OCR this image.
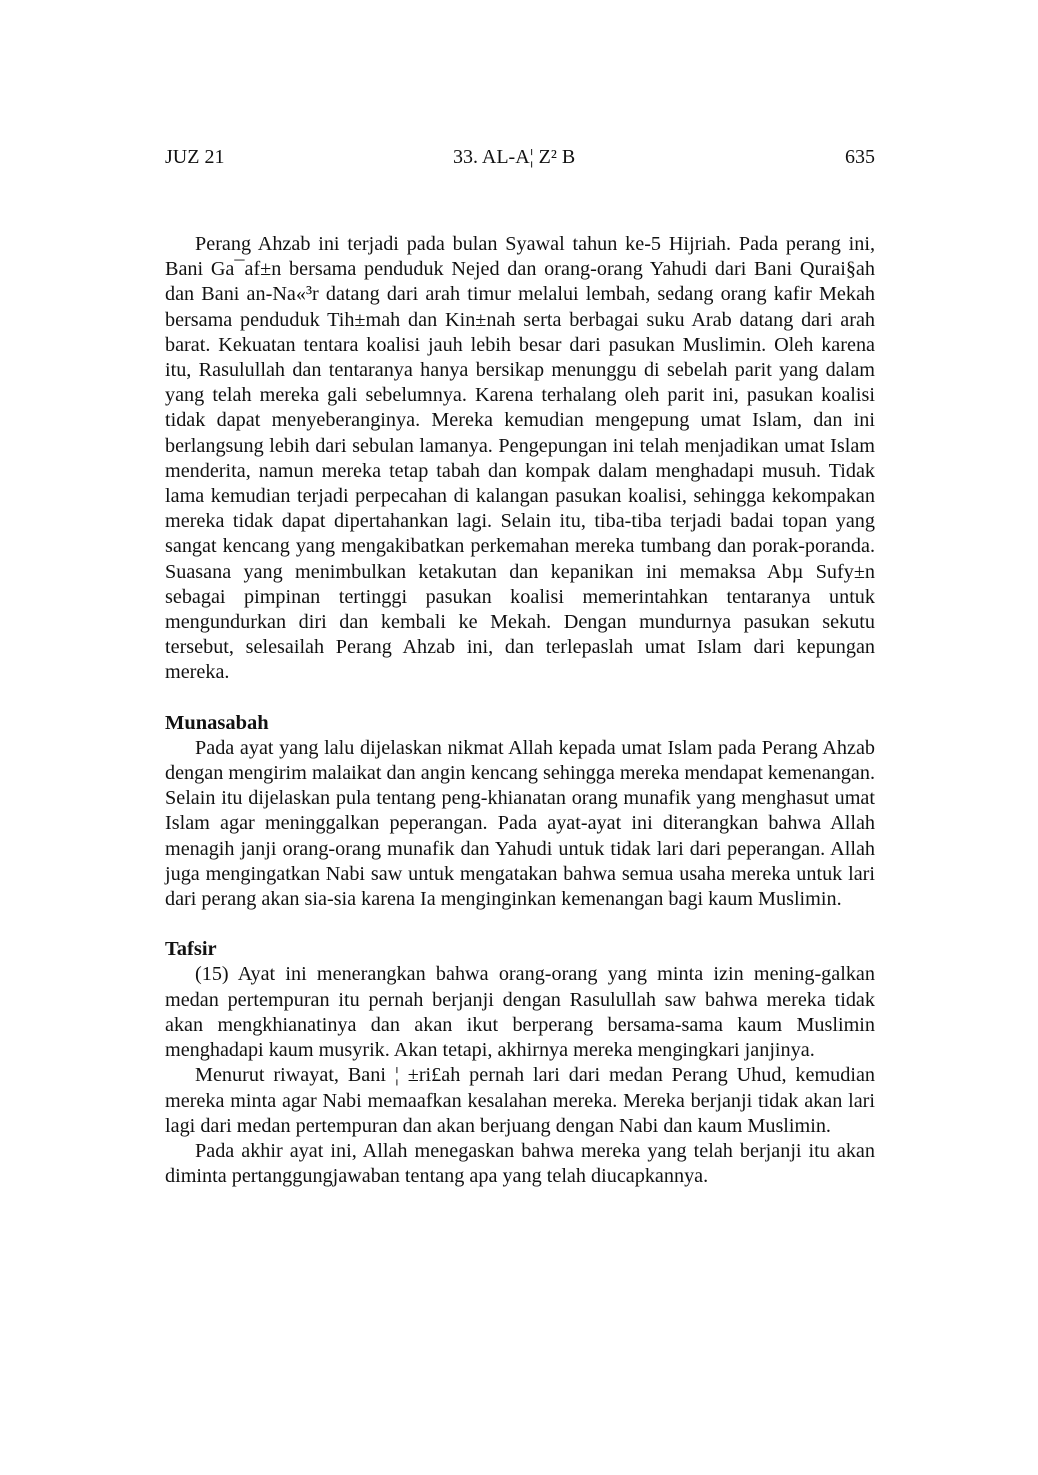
JUZ 21	33. AL-A¦ Z² B	635

Perang Ahzab ini terjadi pada bulan Syawal tahun ke-5 Hijriah. Pada perang ini, Bani Ga¯af±n bersama penduduk Nejed dan orang-orang Yahudi dari Bani Qurai§ah dan Bani an-Na«³r datang dari arah timur melalui lembah, sedang orang kafir Mekah bersama penduduk Tih±mah dan Kin±nah serta berbagai suku Arab datang dari arah barat. Kekuatan tentara koalisi jauh lebih besar dari pasukan Muslimin. Oleh karena itu, Rasulullah dan tentaranya hanya bersikap menunggu di sebelah parit yang dalam yang telah mereka gali sebelumnya. Karena terhalang oleh parit ini, pasukan koalisi tidak dapat menyeberanginya. Mereka kemudian mengepung umat Islam, dan ini berlangsung lebih dari sebulan lamanya. Pengepungan ini telah menjadikan umat Islam menderita, namun mereka tetap tabah dan kompak dalam menghadapi musuh. Tidak lama kemudian terjadi perpecahan di kalangan pasukan koalisi, sehingga kekompakan mereka tidak dapat dipertahankan lagi. Selain itu, tiba-tiba terjadi badai topan yang sangat kencang yang mengakibatkan perkemahan mereka tumbang dan porak-poranda. Suasana yang menimbulkan ketakutan dan kepanikan ini memaksa Abµ Sufy±n sebagai pimpinan tertinggi pasukan koalisi memerintahkan tentaranya untuk mengundurkan diri dan kembali ke Mekah. Dengan mundurnya pasukan sekutu tersebut, selesailah Perang Ahzab ini, dan terlepaslah umat Islam dari kepungan mereka.

Munasabah

Pada ayat yang lalu dijelaskan nikmat Allah kepada umat Islam pada Perang Ahzab dengan mengirim malaikat dan angin kencang sehingga mereka mendapat kemenangan. Selain itu dijelaskan pula tentang peng-khianatan orang munafik yang menghasut umat Islam agar meninggalkan peperangan. Pada ayat-ayat ini diterangkan bahwa Allah menagih janji orang-orang munafik dan Yahudi untuk tidak lari dari peperangan. Allah juga mengingatkan Nabi saw untuk mengatakan bahwa semua usaha mereka untuk lari dari perang akan sia-sia karena Ia menginginkan kemenangan bagi kaum Muslimin.

Tafsir

(15) Ayat ini menerangkan bahwa orang-orang yang minta izin mening-galkan medan pertempuran itu pernah berjanji dengan Rasulullah saw bahwa mereka tidak akan mengkhianatinya dan akan ikut berperang bersama-sama kaum Muslimin menghadapi kaum musyrik. Akan tetapi, akhirnya mereka mengingkari janjinya.

Menurut riwayat, Bani ¦ ±ri£ah pernah lari dari medan Perang Uhud, kemudian mereka minta agar Nabi memaafkan kesalahan mereka. Mereka berjanji tidak akan lari lagi dari medan pertempuran dan akan berjuang dengan Nabi dan kaum Muslimin.

Pada akhir ayat ini, Allah menegaskan bahwa mereka yang telah berjanji itu akan diminta pertanggungjawaban tentang apa yang telah diucapkannya.
